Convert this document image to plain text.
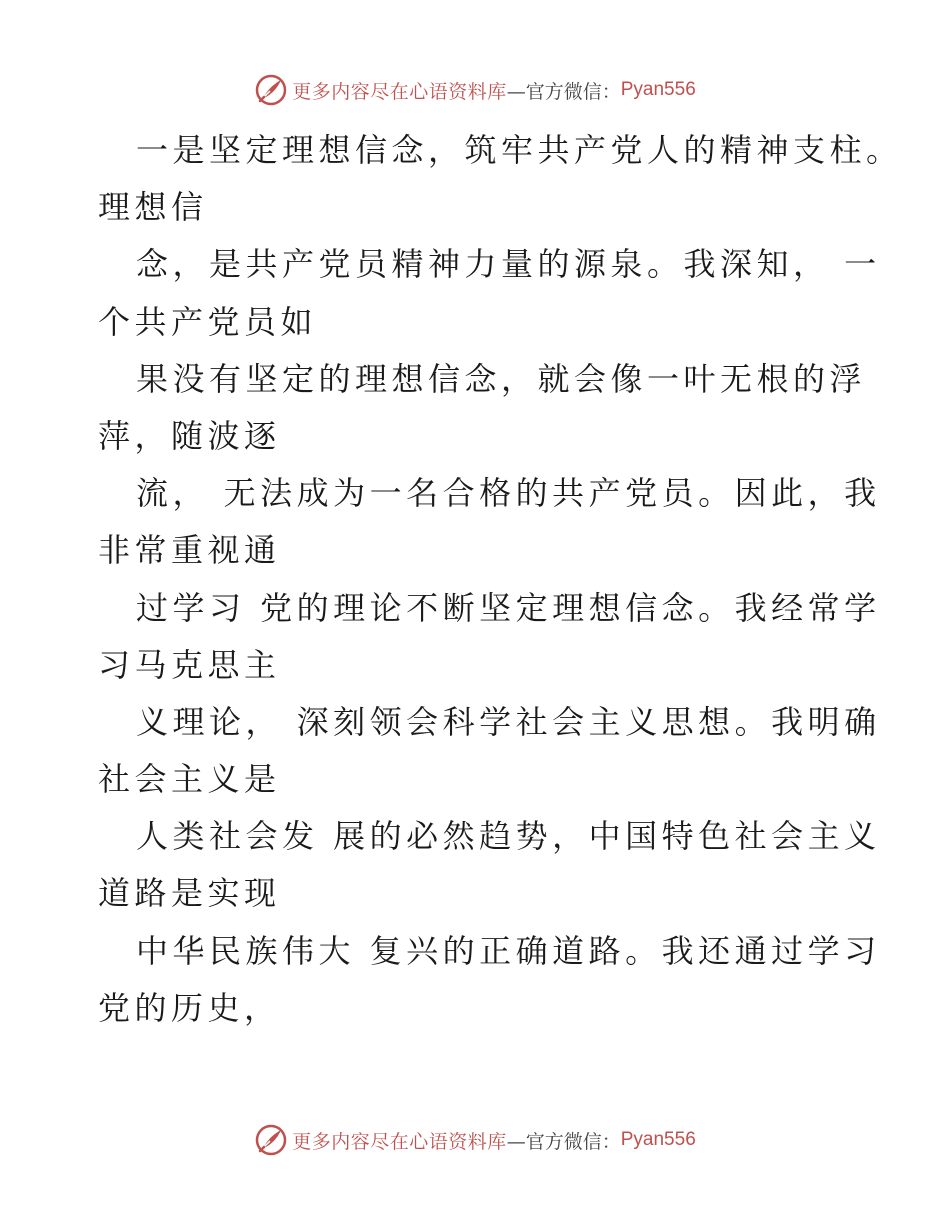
更多内容尽在心语资料库 —官方微信： Pyan556
一是坚定理想信念，筑牢共产党人的精神支柱。
理想信
念，是共产党员精神力量的源泉。我深知， 一
个共产党员如
果没有坚定的理想信念，就会像一叶无根的浮
萍，随波逐
流， 无法成为一名合格的共产党员。因此，我
非常重视通
过学习 党的理论不断坚定理想信念。我经常学
习马克思主
义理论， 深刻领会科学社会主义思想。我明确
社会主义是
人类社会发 展的必然趋势，中国特色社会主义
道路是实现
中华民族伟大 复兴的正确道路。我还通过学习
党的历史，
更多内容尽在心语资料库 —官方微信： Pyan556
